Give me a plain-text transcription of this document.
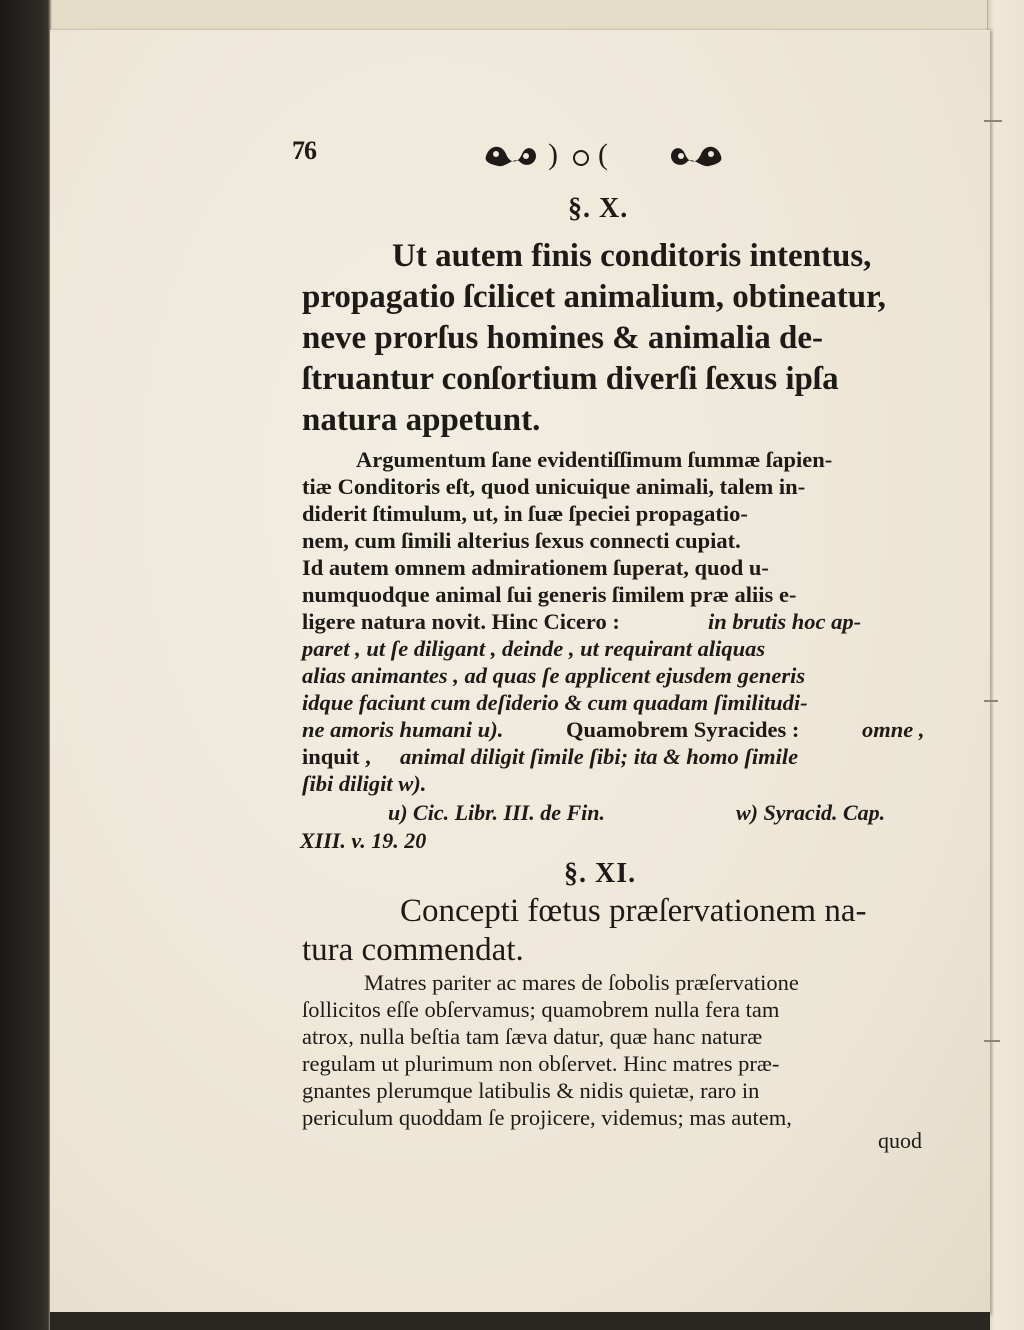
76	) (
§. X.
Ut autem finis conditoris intentus,
propagatio ſcilicet animalium, obtineatur,
neve prorſus homines & animalia de-
ſtruantur conſortium diverſi ſexus ipſa
natura appetunt.
Argumentum ſane evidentiſſimum ſummæ ſapien-
tiæ Conditoris eſt, quod unicuique animali, talem in-
diderit ſtimulum, ut, in ſuæ ſpeciei propagatio-
nem, cum ſimili alterius ſexus connecti cupiat.
Id autem omnem admirationem ſuperat, quod u-
numquodque animal ſui generis ſimilem præ aliis e-
ligere natura novit. Hinc Cicero :	in brutis hoc ap-
paret , ut ſe diligant , deinde , ut requirant aliquas
alias animantes , ad quas ſe applicent ejusdem generis
idque faciunt cum deſiderio & cum quadam ſimilitudi-
ne amoris humani u).	Quamobrem Syracides :	omne ,
inquit , animal diligit ſimile ſibi; ita & homo ſimile
ſibi diligit w).
u) Cic. Libr. III. de Fin.	w) Syracid. Cap.
XIII. v. 19. 20
§. XI.
Concepti fœtus præſervationem na-
tura commendat.
Matres pariter ac mares de ſobolis præſervatione
ſollicitos eſſe obſervamus; quamobrem nulla fera tam
atrox, nulla beſtia tam ſæva datur, quæ hanc naturæ
regulam ut plurimum non obſervet. Hinc matres præ-
gnantes plerumque latibulis & nidis quietæ, raro in
periculum quoddam ſe projicere, videmus; mas autem,
quod
